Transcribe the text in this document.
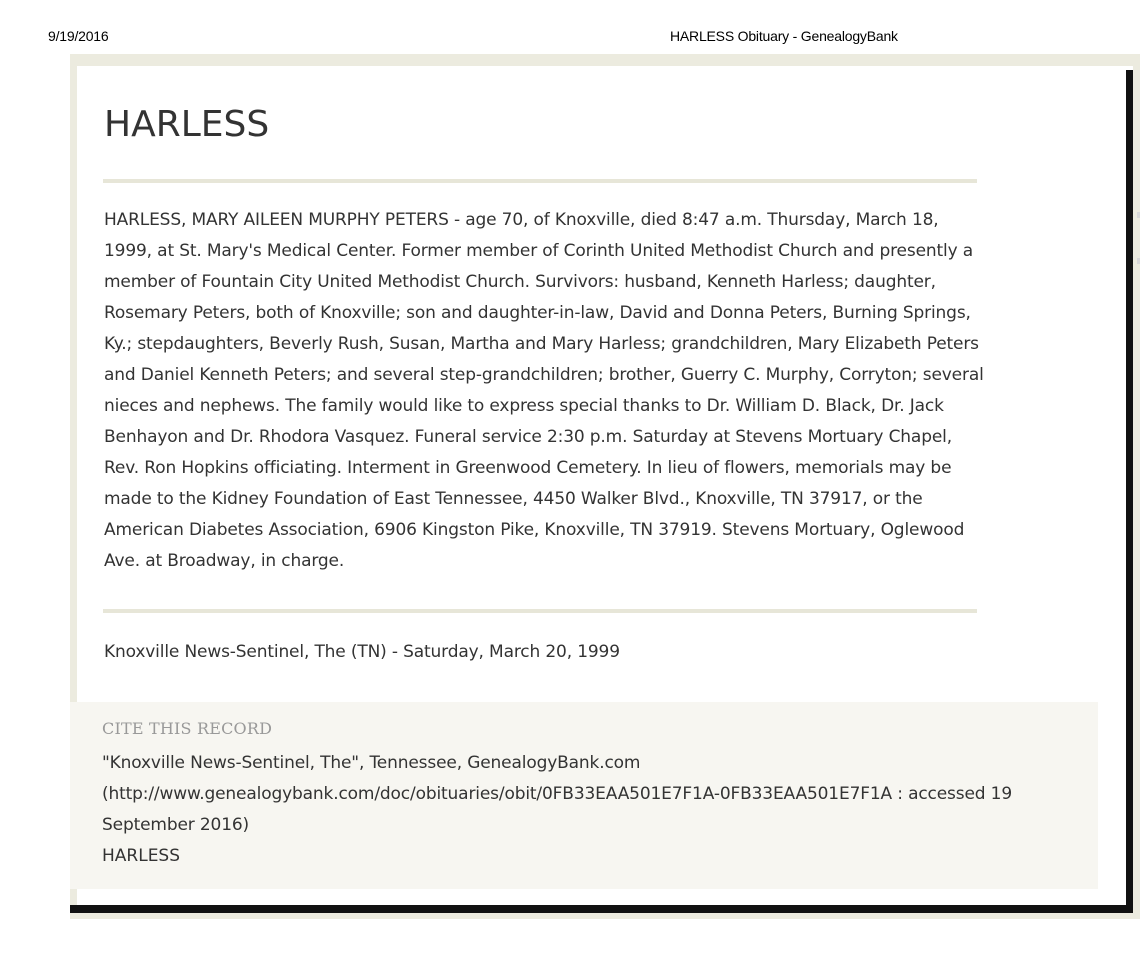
9/19/2016	HARLESS Obituary - GenealogyBank
HARLESS

HARLESS, MARY AILEEN MURPHY PETERS - age 70, of Knoxville, died 8:47 a.m. Thursday, March 18, 1999, at St. Mary's Medical Center. Former member of Corinth United Methodist Church and presently a member of Fountain City United Methodist Church. Survivors: husband, Kenneth Harless; daughter, Rosemary Peters, both of Knoxville; son and daughter-in-law, David and Donna Peters, Burning Springs, Ky.; stepdaughters, Beverly Rush, Susan, Martha and Mary Harless; grandchildren, Mary Elizabeth Peters and Daniel Kenneth Peters; and several step-grandchildren; brother, Guerry C. Murphy, Corryton; several nieces and nephews. The family would like to express special thanks to Dr. William D. Black, Dr. Jack Benhayon and Dr. Rhodora Vasquez. Funeral service 2:30 p.m. Saturday at Stevens Mortuary Chapel, Rev. Ron Hopkins officiating. Interment in Greenwood Cemetery. In lieu of flowers, memorials may be made to the Kidney Foundation of East Tennessee, 4450 Walker Blvd., Knoxville, TN 37917, or the American Diabetes Association, 6906 Kingston Pike, Knoxville, TN 37919. Stevens Mortuary, Oglewood Ave. at Broadway, in charge.

Knoxville News-Sentinel, The (TN) - Saturday, March 20, 1999

CITE THIS RECORD

"Knoxville News-Sentinel, The", Tennessee, GenealogyBank.com (http://www.genealogybank.com/doc/obituaries/obit/0FB33EAA501E7F1A-0FB33EAA501E7F1A : accessed 19 September 2016)

HARLESS
